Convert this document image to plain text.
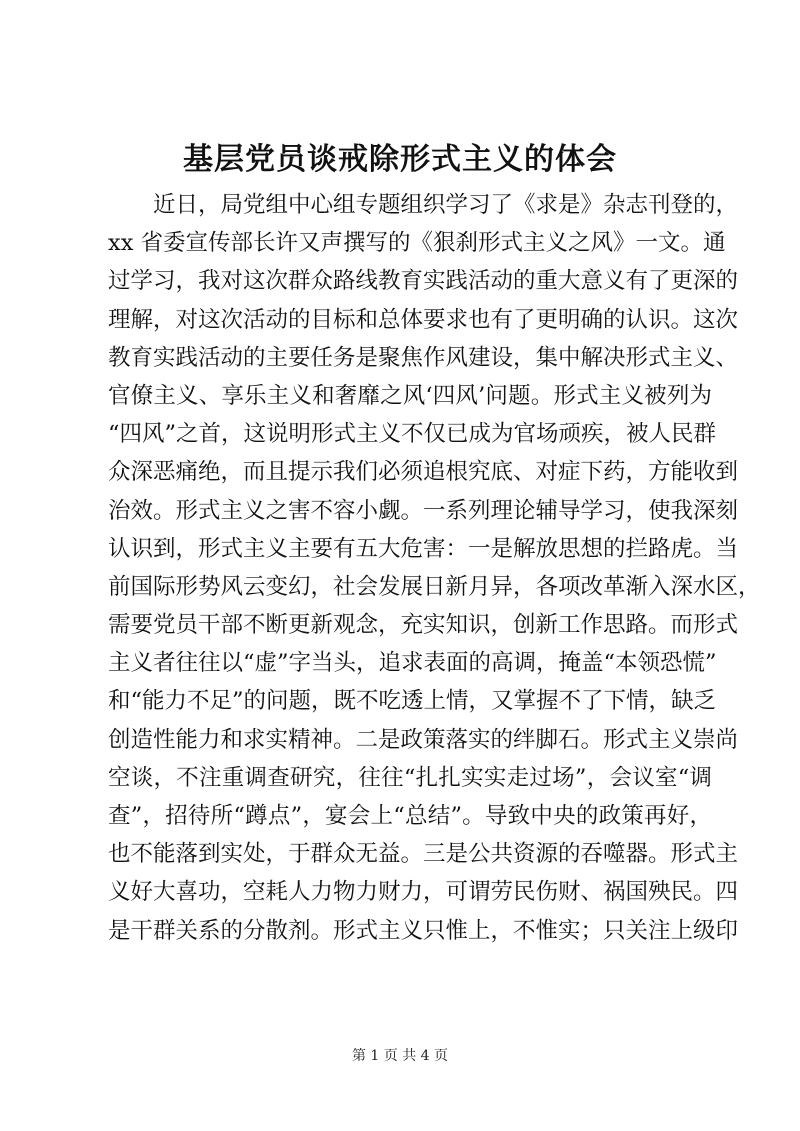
基层党员谈戒除形式主义的体会
近日，局党组中心组专题组织学习了《求是》杂志刊登的，
xx 省委宣传部长许又声撰写的《狠刹形式主义之风》一文。通
过学习，我对这次群众路线教育实践活动的重大意义有了更深的
理解，对这次活动的目标和总体要求也有了更明确的认识。这次
教育实践活动的主要任务是聚焦作风建设，集中解决形式主义、
官僚主义、享乐主义和奢靡之风‘四风’问题。形式主义被列为
“四风”之首，这说明形式主义不仅已成为官场顽疾，被人民群
众深恶痛绝，而且提示我们必须追根究底、对症下药，方能收到
治效。形式主义之害不容小觑。一系列理论辅导学习，使我深刻
认识到，形式主义主要有五大危害：一是解放思想的拦路虎。当
前国际形势风云变幻，社会发展日新月异，各项改革渐入深水区，
需要党员干部不断更新观念，充实知识，创新工作思路。而形式
主义者往往以“虚”字当头，追求表面的高调，掩盖“本领恐慌”
和“能力不足”的问题，既不吃透上情，又掌握不了下情，缺乏
创造性能力和求实精神。二是政策落实的绊脚石。形式主义崇尚
空谈，不注重调查研究，往往“扎扎实实走过场”，会议室“调
查”，招待所“蹲点”，宴会上“总结”。导致中央的政策再好，
也不能落到实处，于群众无益。三是公共资源的吞噬器。形式主
义好大喜功，空耗人力物力财力，可谓劳民伤财、祸国殃民。四
是干群关系的分散剂。形式主义只惟上，不惟实；只关注上级印
第 1 页 共 4 页
